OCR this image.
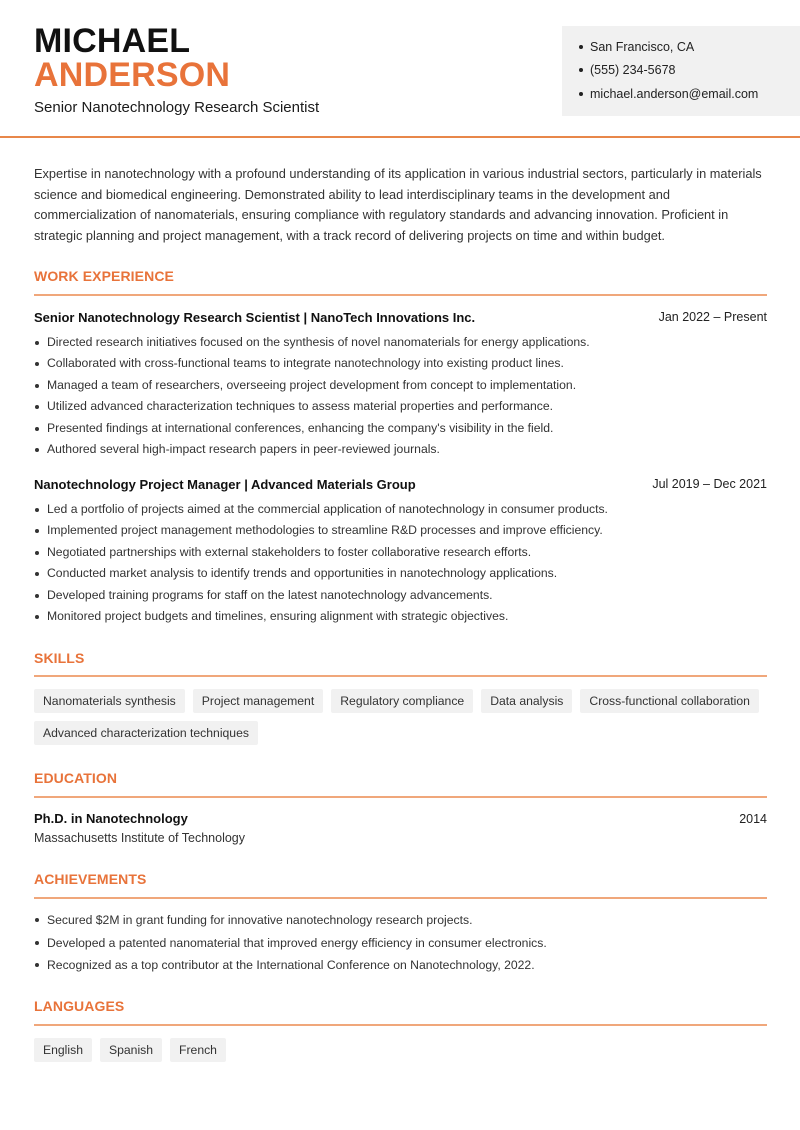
MICHAEL
ANDERSON
Senior Nanotechnology Research Scientist
San Francisco, CA
(555) 234-5678
michael.anderson@email.com

Expertise in nanotechnology with a profound understanding of its application in various industrial sectors, particularly in materials science and biomedical engineering. Demonstrated ability to lead interdisciplinary teams in the development and commercialization of nanomaterials, ensuring compliance with regulatory standards and advancing innovation. Proficient in strategic planning and project management, with a track record of delivering projects on time and within budget.

WORK EXPERIENCE
Senior Nanotechnology Research Scientist | NanoTech Innovations Inc.	Jan 2022 – Present
Directed research initiatives focused on the synthesis of novel nanomaterials for energy applications.
Collaborated with cross-functional teams to integrate nanotechnology into existing product lines.
Managed a team of researchers, overseeing project development from concept to implementation.
Utilized advanced characterization techniques to assess material properties and performance.
Presented findings at international conferences, enhancing the company's visibility in the field.
Authored several high-impact research papers in peer-reviewed journals.
Nanotechnology Project Manager | Advanced Materials Group	Jul 2019 – Dec 2021
Led a portfolio of projects aimed at the commercial application of nanotechnology in consumer products.
Implemented project management methodologies to streamline R&D processes and improve efficiency.
Negotiated partnerships with external stakeholders to foster collaborative research efforts.
Conducted market analysis to identify trends and opportunities in nanotechnology applications.
Developed training programs for staff on the latest nanotechnology advancements.
Monitored project budgets and timelines, ensuring alignment with strategic objectives.
SKILLS
Nanomaterials synthesis	Project management	Regulatory compliance	Data analysis	Cross-functional collaboration
Advanced characterization techniques
EDUCATION
Ph.D. in Nanotechnology	2014
Massachusetts Institute of Technology
ACHIEVEMENTS
Secured $2M in grant funding for innovative nanotechnology research projects.
Developed a patented nanomaterial that improved energy efficiency in consumer electronics.
Recognized as a top contributor at the International Conference on Nanotechnology, 2022.
LANGUAGES
English	Spanish	French
